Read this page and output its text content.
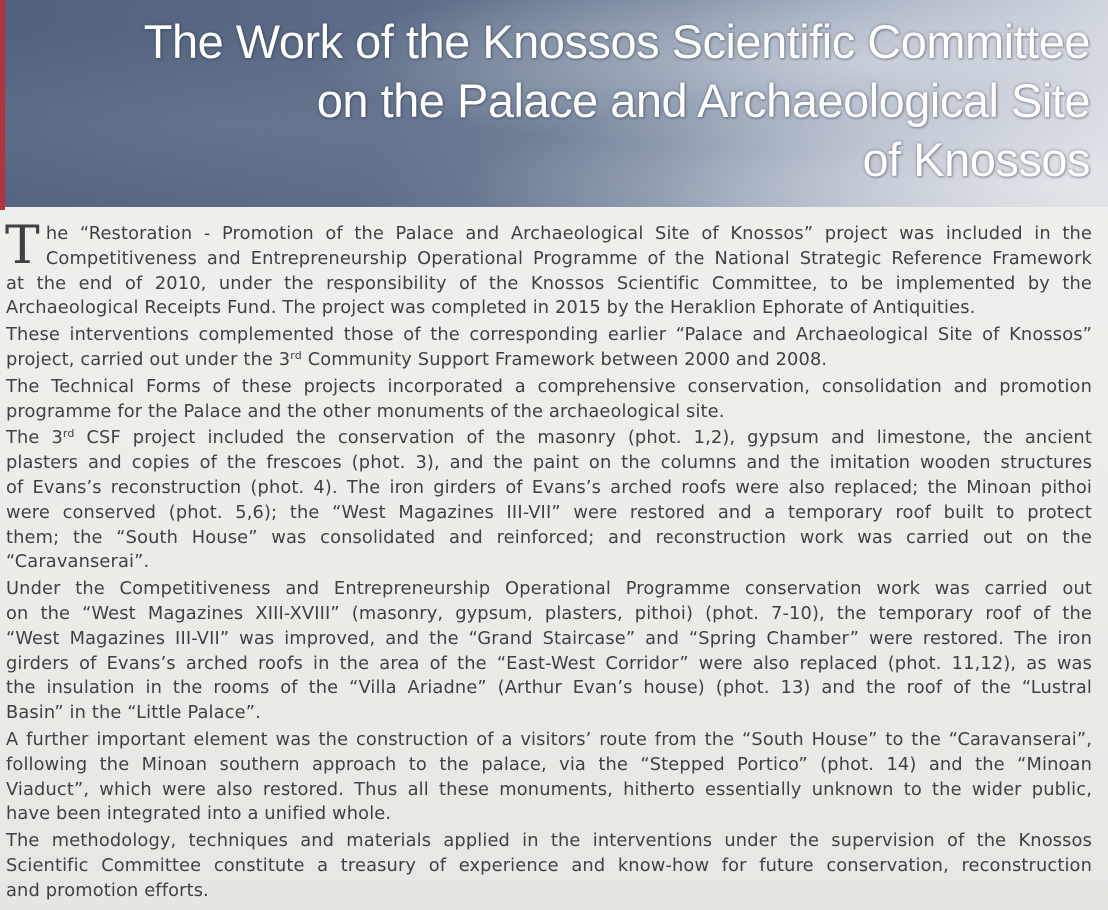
The Work of the Knossos Scientific Committee
on the Palace and Archaeological Site
of Knossos

T he “Restoration - Promotion of the Palace and Archaeological Site of Knossos” project was included in the
Competitiveness and Entrepreneurship Operational Programme of the National Strategic Reference Framework
at the end of 2010, under the responsibility of the Knossos Scientific Committee, to be implemented by the
Archaeological Receipts Fund. The project was completed in 2015 by the Heraklion Ephorate of Antiquities.

These interventions complemented those of the corresponding earlier “Palace and Archaeological Site of Knossos”
project, carried out under the 3rd Community Support Framework between 2000 and 2008.

The Technical Forms of these projects incorporated a comprehensive conservation, consolidation and promotion
programme for the Palace and the other monuments of the archaeological site.

The 3rd CSF project included the conservation of the masonry (phot. 1,2), gypsum and limestone, the ancient
plasters and copies of the frescoes (phot. 3), and the paint on the columns and the imitation wooden structures
of Evans’s reconstruction (phot. 4). The iron girders of Evans’s arched roofs were also replaced; the Minoan pithoi
were conserved (phot. 5,6); the “West Magazines III-VII” were restored and a temporary roof built to protect
them; the “South House” was consolidated and reinforced; and reconstruction work was carried out on the
“Caravanserai”.

Under the Competitiveness and Entrepreneurship Operational Programme conservation work was carried out
on the “West Magazines XIII-XVIII” (masonry, gypsum, plasters, pithoi) (phot. 7-10), the temporary roof of the
“West Magazines III-VII” was improved, and the “Grand Staircase” and “Spring Chamber” were restored. The iron
girders of Evans’s arched roofs in the area of the “East-West Corridor” were also replaced (phot. 11,12), as was
the insulation in the rooms of the “Villa Ariadne” (Arthur Evan’s house) (phot. 13) and the roof of the “Lustral
Basin” in the “Little Palace”.

A further important element was the construction of a visitors’ route from the “South House” to the “Caravanserai”,
following the Minoan southern approach to the palace, via the “Stepped Portico” (phot. 14) and the “Minoan
Viaduct”, which were also restored. Thus all these monuments, hitherto essentially unknown to the wider public,
have been integrated into a unified whole.

The methodology, techniques and materials applied in the interventions under the supervision of the Knossos
Scientific Committee constitute a treasury of experience and know-how for future conservation, reconstruction
and promotion efforts.
